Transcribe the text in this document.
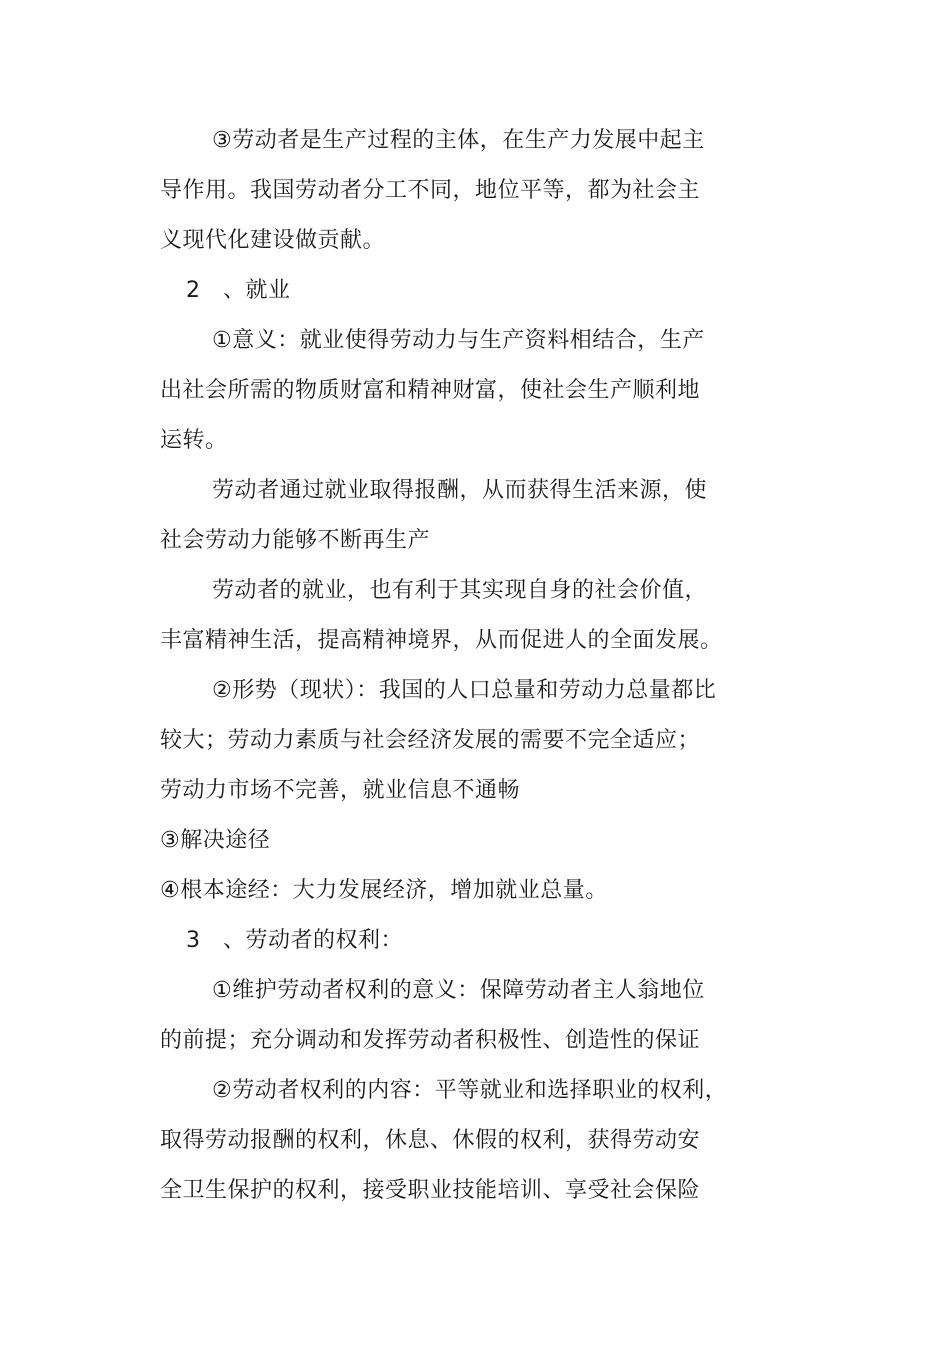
③劳动者是生产过程的主体，在生产力发展中起主
导作用。我国劳动者分工不同，地位平等，都为社会主
义现代化建设做贡献。
2　、就业
①意义：就业使得劳动力与生产资料相结合，生产
出社会所需的物质财富和精神财富，使社会生产顺利地
运转。
劳动者通过就业取得报酬，从而获得生活来源，使
社会劳动力能够不断再生产
劳动者的就业，也有利于其实现自身的社会价值，
丰富精神生活，提高精神境界，从而促进人的全面发展。
②形势（现状）：我国的人口总量和劳动力总量都比
较大；劳动力素质与社会经济发展的需要不完全适应；
劳动力市场不完善，就业信息不通畅
③解决途径
④根本途经：大力发展经济，增加就业总量。
3　、劳动者的权利：
①维护劳动者权利的意义：保障劳动者主人翁地位
的前提；充分调动和发挥劳动者积极性、创造性的保证
②劳动者权利的内容：平等就业和选择职业的权利，
取得劳动报酬的权利，休息、休假的权利，获得劳动安
全卫生保护的权利，接受职业技能培训、享受社会保险
